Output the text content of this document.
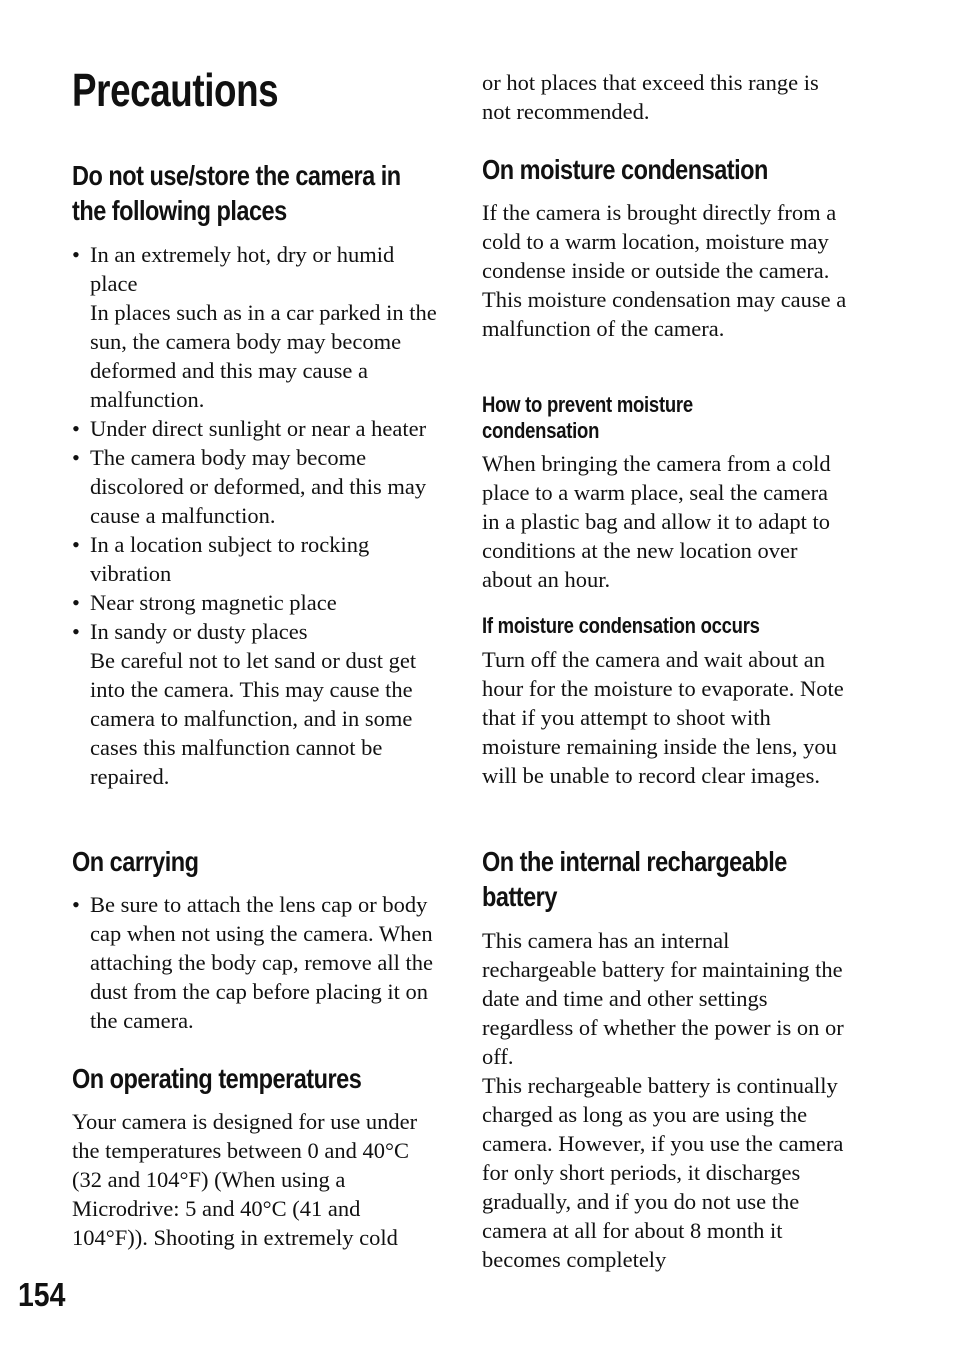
Precautions
Do not use/store the camera in
the following places
• In an extremely hot, dry or humid place
In places such as in a car parked in the sun, the camera body may become deformed and this may cause a malfunction.
• Under direct sunlight or near a heater
• The camera body may become discolored or deformed, and this may cause a malfunction.
• In a location subject to rocking vibration
• Near strong magnetic place
• In sandy or dusty places
Be careful not to let sand or dust get into the camera. This may cause the camera to malfunction, and in some cases this malfunction cannot be repaired.
On carrying
• Be sure to attach the lens cap or body cap when not using the camera. When attaching the body cap, remove all the dust from the cap before placing it on the camera.
On operating temperatures

Your camera is designed for use under the temperatures between 0 and 40°C (32 and 104°F) (When using a Microdrive: 5 and 40°C (41 and 104°F)). Shooting in extremely cold

or hot places that exceed this range is not recommended.

On moisture condensation

If the camera is brought directly from a cold to a warm location, moisture may condense inside or outside the camera. This moisture condensation may cause a malfunction of the camera.

How to prevent moisture
condensation

When bringing the camera from a cold place to a warm place, seal the camera in a plastic bag and allow it to adapt to conditions at the new location over about an hour.

If moisture condensation occurs

Turn off the camera and wait about an hour for the moisture to evaporate. Note that if you attempt to shoot with moisture remaining inside the lens, you will be unable to record clear images.

On the internal rechargeable
battery

This camera has an internal rechargeable battery for maintaining the date and time and other settings regardless of whether the power is on or off.

This rechargeable battery is continually charged as long as you are using the camera. However, if you use the camera for only short periods, it discharges gradually, and if you do not use the camera at all for about 8 month it becomes completely

154
